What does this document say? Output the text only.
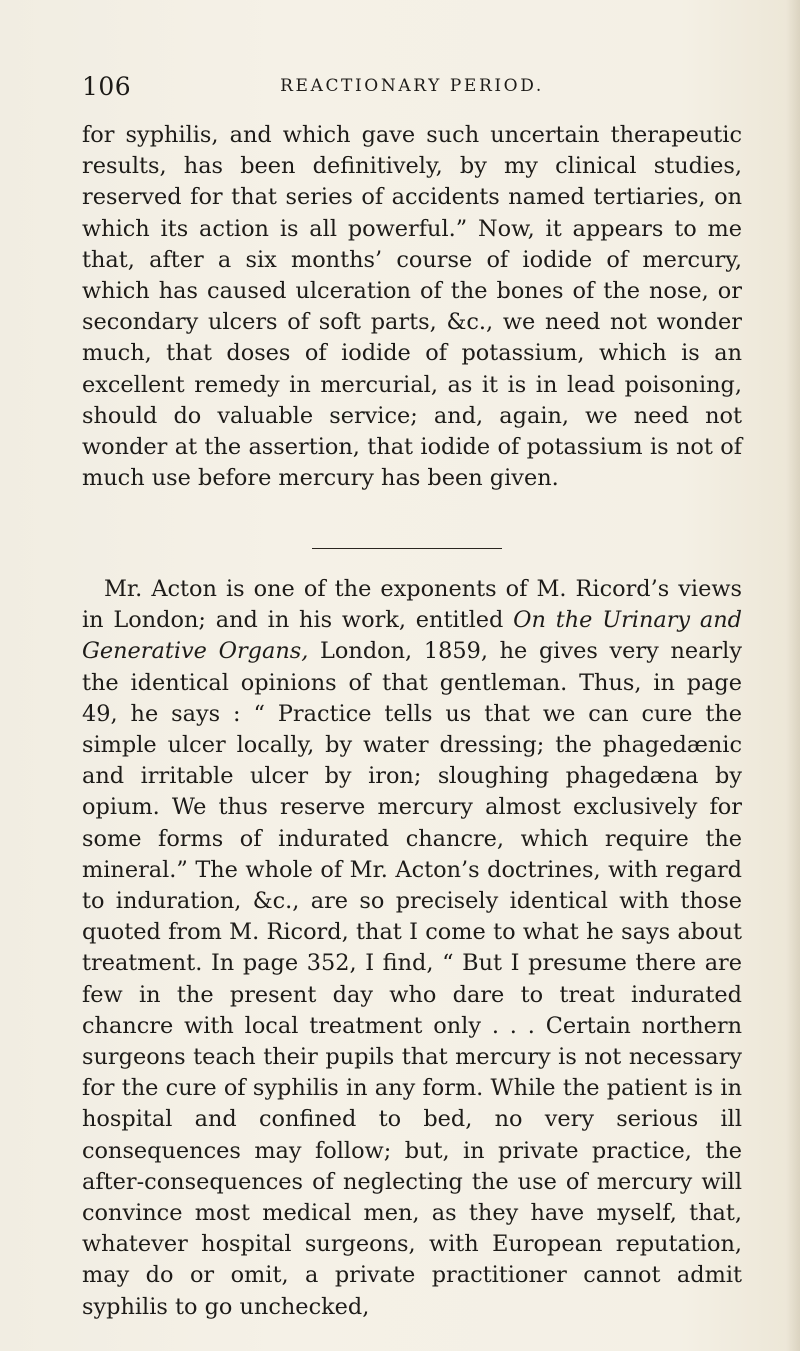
106	REACTIONARY PERIOD.

for syphilis, and which gave such uncertain therapeutic results, has been definitively, by my clinical studies, reserved for that series of accidents named tertiaries, on which its action is all powerful.” Now, it appears to me that, after a six months’ course of iodide of mercury, which has caused ulceration of the bones of the nose, or secondary ulcers of soft parts, &c., we need not wonder much, that doses of iodide of potassium, which is an excellent remedy in mercurial, as it is in lead poisoning, should do valuable service; and, again, we need not wonder at the assertion, that iodide of potassium is not of much use before mercury has been given.

Mr. Acton is one of the exponents of M. Ricord’s views in London; and in his work, entitled On the Urinary and Generative Organs, London, 1859, he gives very nearly the identical opinions of that gentleman. Thus, in page 49, he says : “ Practice tells us that we can cure the simple ulcer locally, by water dressing; the phagedænic and irritable ulcer by iron; sloughing phagedæna by opium. We thus reserve mercury almost exclusively for some forms of indurated chancre, which require the mineral.” The whole of Mr. Acton’s doctrines, with regard to induration, &c., are so precisely identical with those quoted from M. Ricord, that I come to what he says about treatment. In page 352, I find, “ But I presume there are few in the present day who dare to treat indurated chancre with local treatment only . . . Certain northern surgeons teach their pupils that mercury is not necessary for the cure of syphilis in any form. While the patient is in hospital and confined to bed, no very serious ill consequences may follow; but, in private practice, the after-consequences of neglecting the use of mercury will convince most medical men, as they have myself, that, whatever hospital surgeons, with European reputation, may do or omit, a private practitioner cannot admit syphilis to go unchecked,
